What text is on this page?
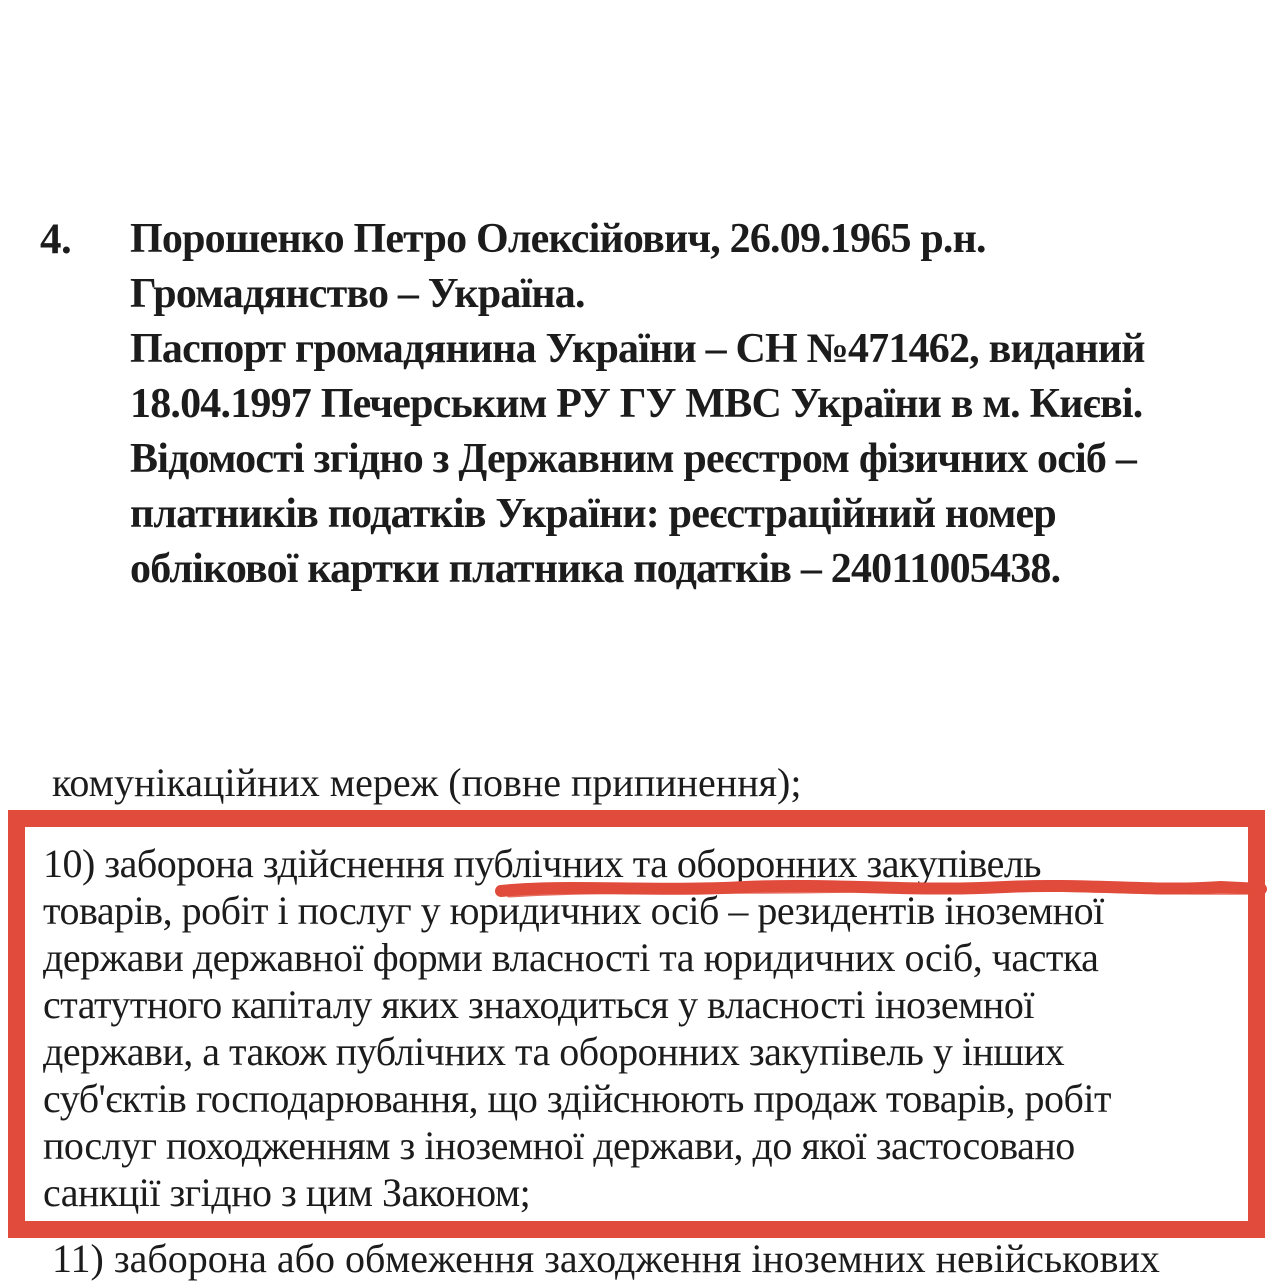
4. Порошенко Петро Олексійович, 26.09.1965 р.н.
Громадянство – Україна.
Паспорт громадянина України – СН №471462, виданий
18.04.1997 Печерським РУ ГУ МВС України в м. Києві.
Відомості згідно з Державним реєстром фізичних осіб –
платників податків України: реєстраційний номер
облікової картки платника податків – 24011005438.
комунікаційних мереж (повне припинення);
10) заборона здійснення публічних та оборонних закупівель
товарів, робіт і послуг у юридичних осіб – резидентів іноземної
держави державної форми власності та юридичних осіб, частка
статутного капіталу яких знаходиться у власності іноземної
держави, а також публічних та оборонних закупівель у інших
суб'єктів господарювання, що здійснюють продаж товарів, робіт
послуг походженням з іноземної держави, до якої застосовано
санкції згідно з цим Законом;
11) заборона або обмеження заходження іноземних невійськових
